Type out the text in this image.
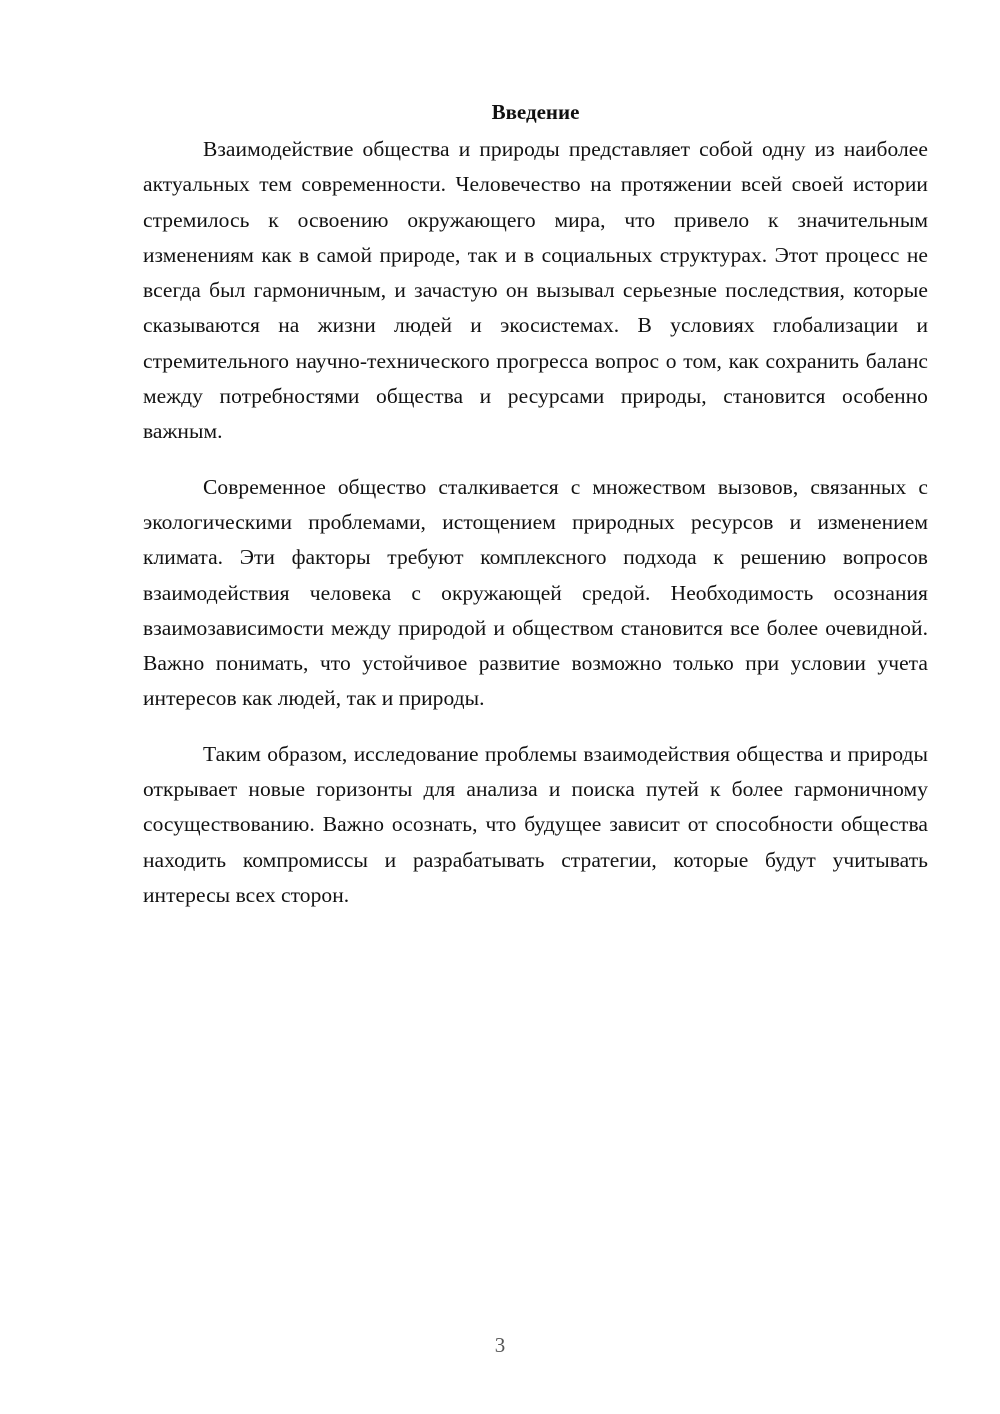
Введение

Взаимодействие общества и природы представляет собой одну из наиболее актуальных тем современности. Человечество на протяжении всей своей истории стремилось к освоению окружающего мира, что привело к значительным изменениям как в самой природе, так и в социальных структурах. Этот процесс не всегда был гармоничным, и зачастую он вызывал серьезные последствия, которые сказываются на жизни людей и экосистемах. В условиях глобализации и стремительного научно-технического прогресса вопрос о том, как сохранить баланс между потребностями общества и ресурсами природы, становится особенно важным.

Современное общество сталкивается с множеством вызовов, связанных с экологическими проблемами, истощением природных ресурсов и изменением климата. Эти факторы требуют комплексного подхода к решению вопросов взаимодействия человека с окружающей средой. Необходимость осознания взаимозависимости между природой и обществом становится все более очевидной. Важно понимать, что устойчивое развитие возможно только при условии учета интересов как людей, так и природы.

Таким образом, исследование проблемы взаимодействия общества и природы открывает новые горизонты для анализа и поиска путей к более гармоничному сосуществованию. Важно осознать, что будущее зависит от способности общества находить компромиссы и разрабатывать стратегии, которые будут учитывать интересы всех сторон.

3
